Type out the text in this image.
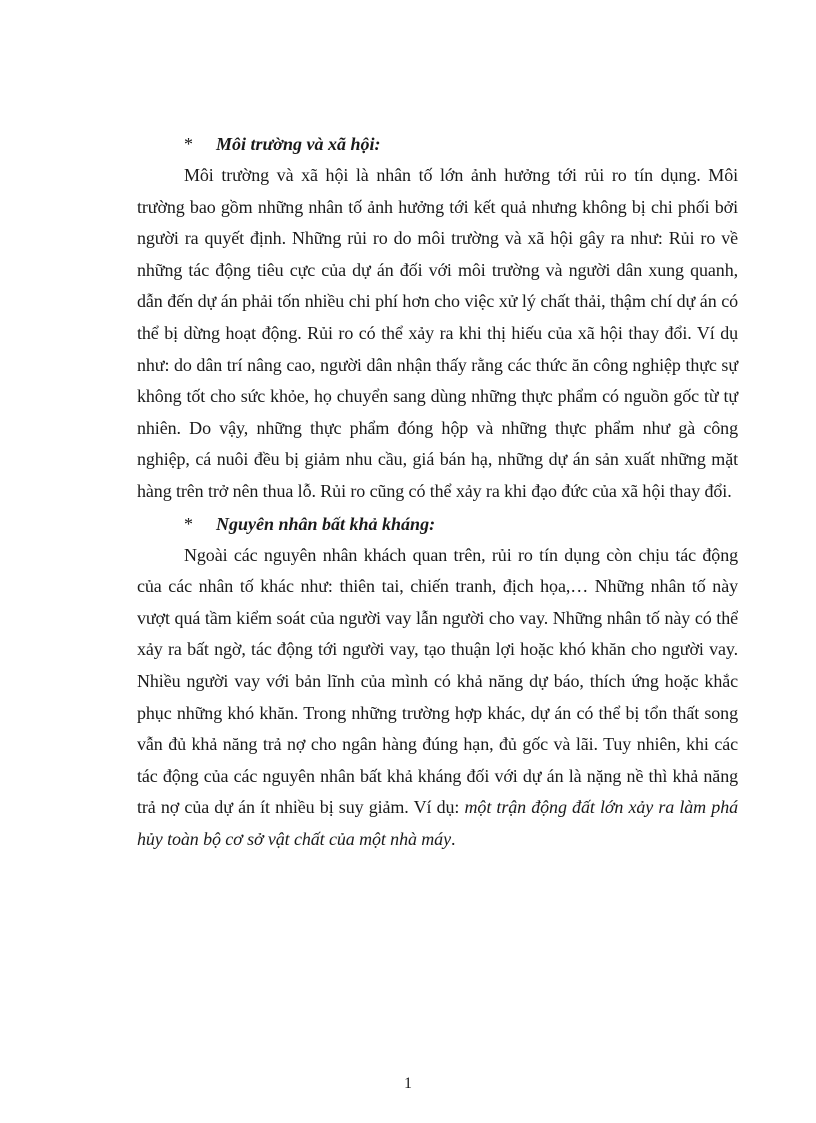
* Môi trường và xã hội:

Môi trường và xã hội là nhân tố lớn ảnh hưởng tới rủi ro tín dụng. Môi trường bao gồm những nhân tố ảnh hưởng tới kết quả nhưng không bị chi phối bởi người ra quyết định. Những rủi ro do môi trường và xã hội gây ra như: Rủi ro về những tác động tiêu cực của dự án đối với môi trường và người dân xung quanh, dẫn đến dự án phải tốn nhiều chi phí hơn cho việc xử lý chất thải, thậm chí dự án có thể bị dừng hoạt động. Rủi ro có thể xảy ra khi thị hiếu của xã hội thay đổi. Ví dụ như: do dân trí nâng cao, người dân nhận thấy rằng các thức ăn công nghiệp thực sự không tốt cho sức khỏe, họ chuyển sang dùng những thực phẩm có nguồn gốc từ tự nhiên. Do vậy, những thực phẩm đóng hộp và những thực phẩm như gà công nghiệp, cá nuôi đều bị giảm nhu cầu, giá bán hạ, những dự án sản xuất những mặt hàng trên trở nên thua lỗ. Rủi ro cũng có thể xảy ra khi đạo đức của xã hội thay đổi.

* Nguyên nhân bất khả kháng:

Ngoài các nguyên nhân khách quan trên, rủi ro tín dụng còn chịu tác động của các nhân tố khác như: thiên tai, chiến tranh, địch họa,… Những nhân tố này vượt quá tầm kiểm soát của người vay lẫn người cho vay. Những nhân tố này có thể xảy ra bất ngờ, tác động tới người vay, tạo thuận lợi hoặc khó khăn cho người vay. Nhiều người vay với bản lĩnh của mình có khả năng dự báo, thích ứng hoặc khắc phục những khó khăn. Trong những trường hợp khác, dự án có thể bị tổn thất song vẫn đủ khả năng trả nợ cho ngân hàng đúng hạn, đủ gốc và lãi. Tuy nhiên, khi các tác động của các nguyên nhân bất khả kháng đối với dự án là nặng nề thì khả năng trả nợ của dự án ít nhiều bị suy giảm. Ví dụ: một trận động đất lớn xảy ra làm phá hủy toàn bộ cơ sở vật chất của một nhà máy.

1
